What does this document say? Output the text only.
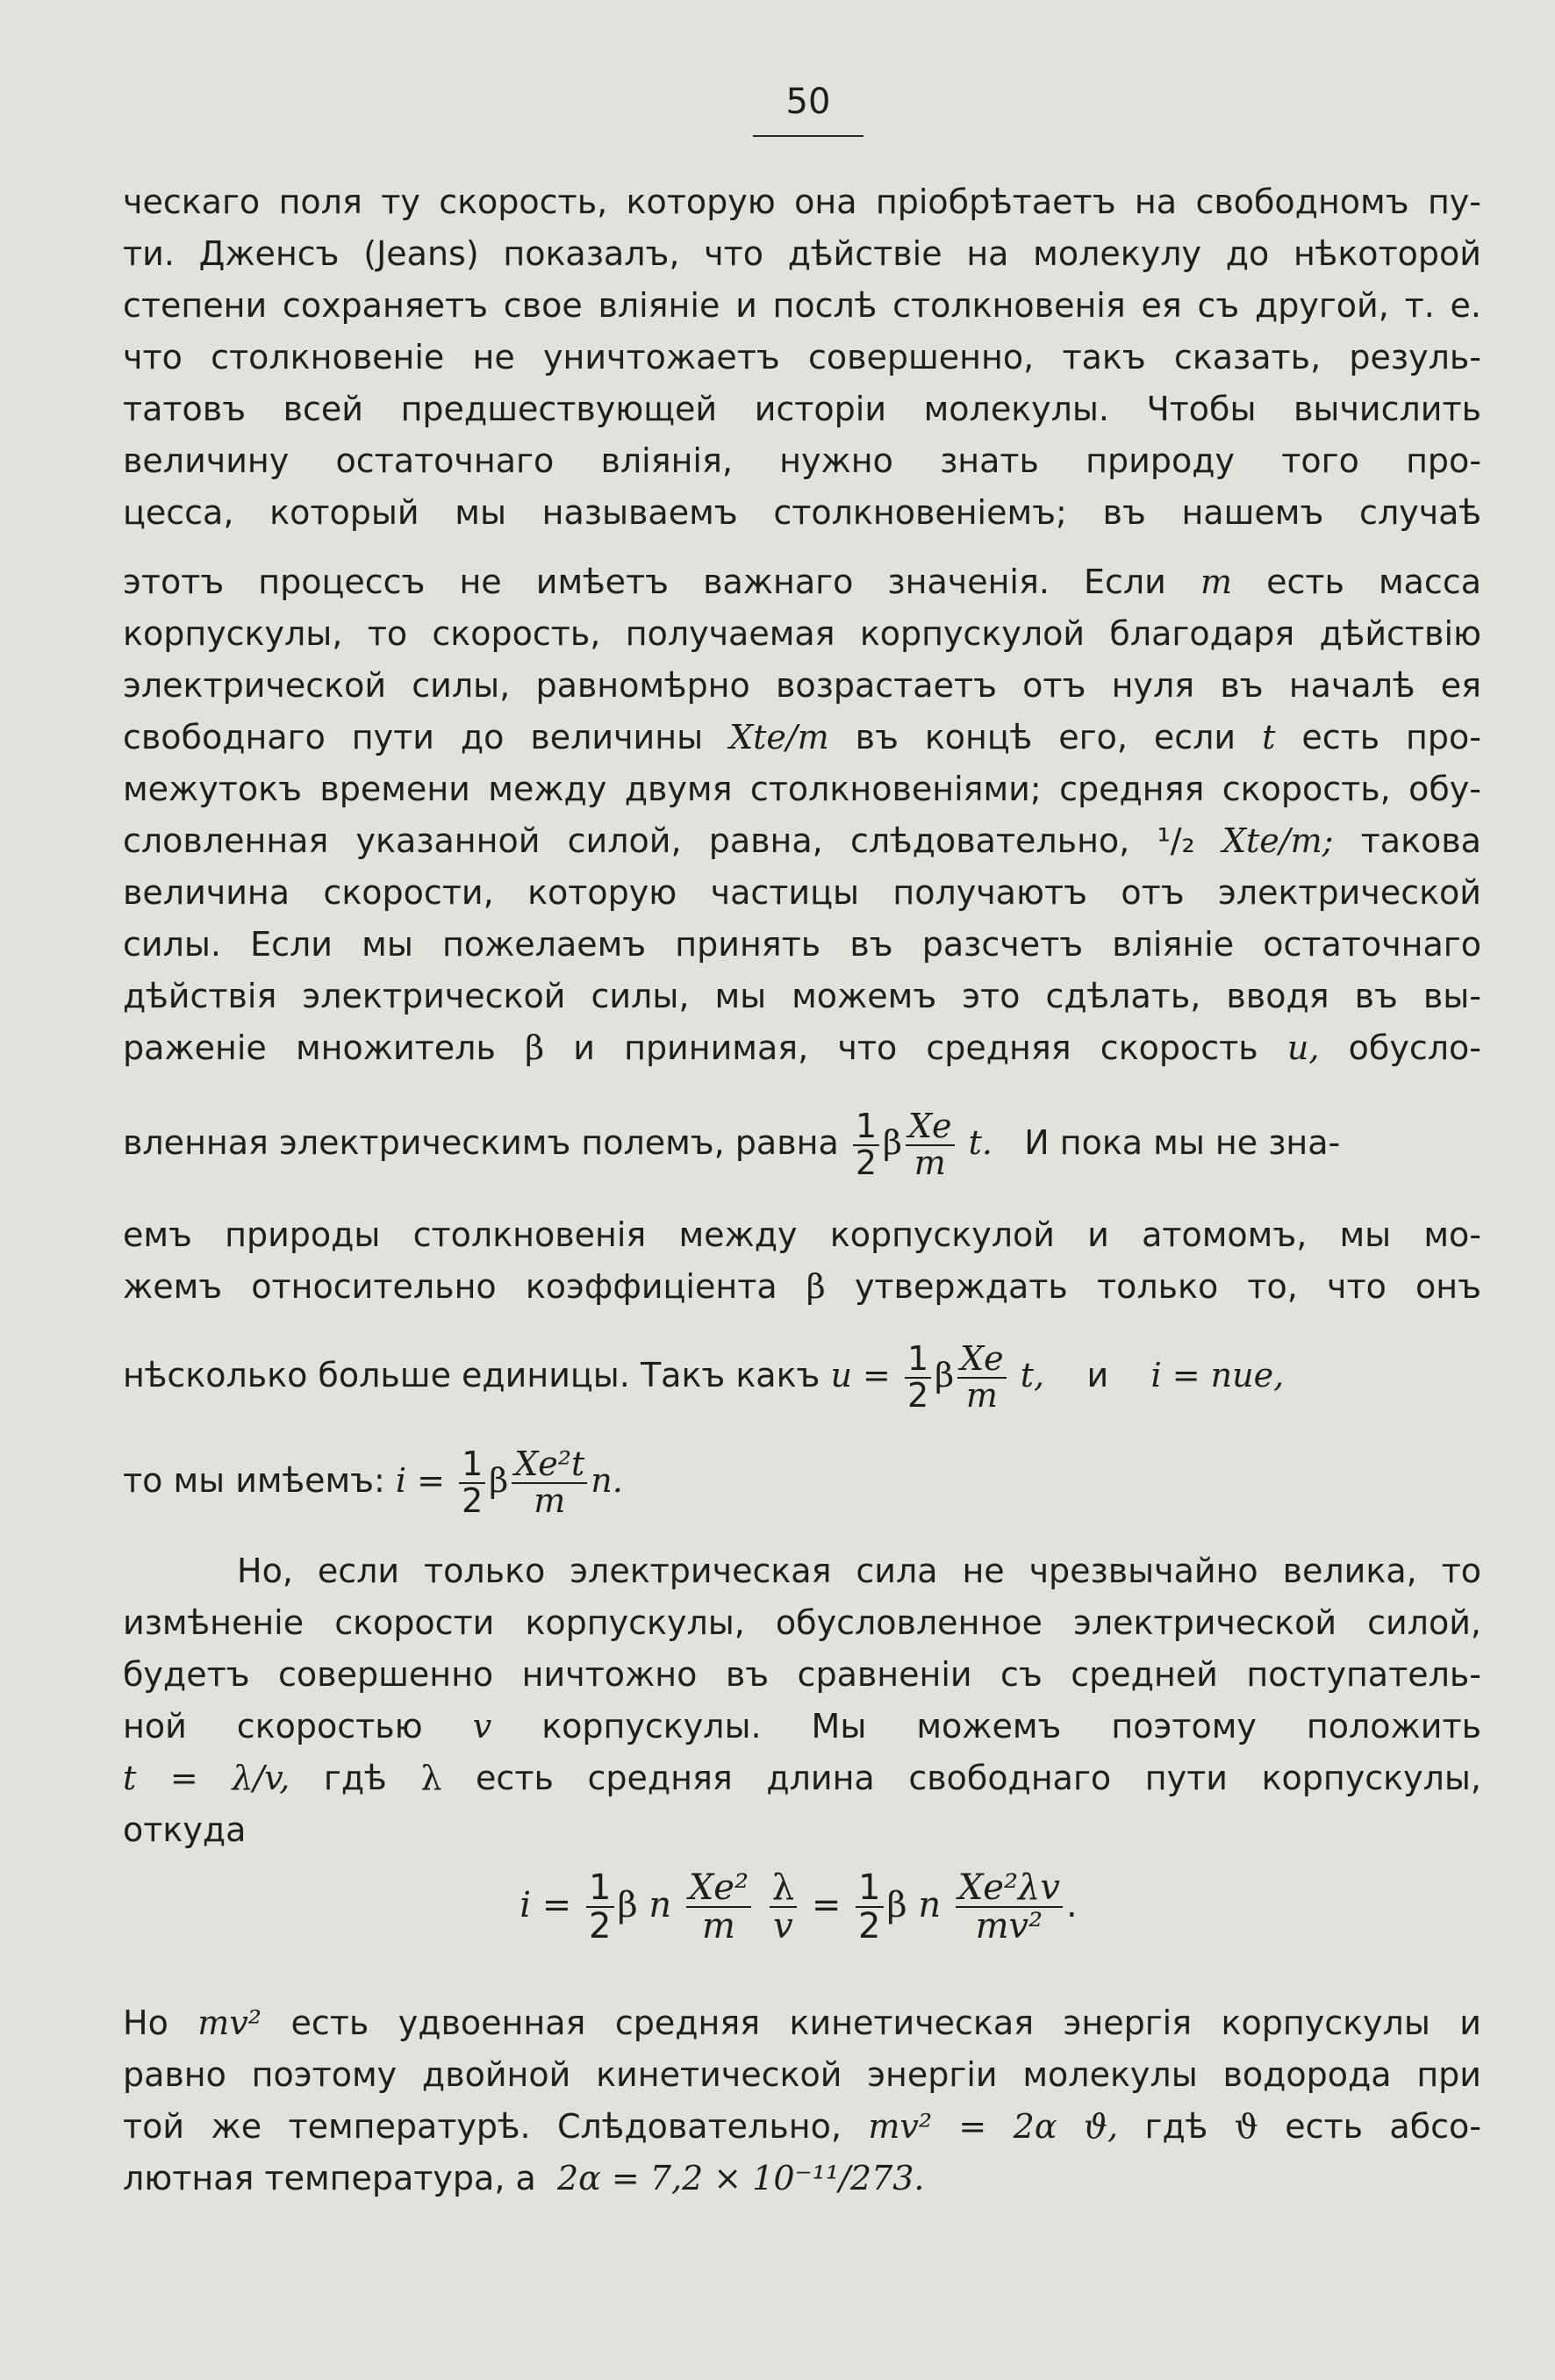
50
ческаго поля ту скорость, которую она пріобрѣтаетъ на свободномъ пу-
ти. Дженсъ (Jeans) показалъ, что дѣйствіе на молекулу до нѣкоторой
степени сохраняетъ свое вліяніе и послѣ столкновенія ея съ другой, т. е.
что столкновеніе не уничтожаетъ совершенно, такъ сказать, резуль-
татовъ всей предшествующей исторіи молекулы. Чтобы вычислить
величину остаточнаго вліянія, нужно знать природу того про-
цесса, который мы называемъ столкновеніемъ; въ нашемъ случаѣ
этотъ процессъ не имѣетъ важнаго значенія. Если m есть масса
корпускулы, то скорость, получаемая корпускулой благодаря дѣйствію
электрической силы, равномѣрно возрастаетъ отъ нуля въ началѣ ея
свободнаго пути до величины Xte/m въ концѣ его, если t есть про-
межутокъ времени между двумя столкновеніями; средняя скорость, обу-
словленная указанной силой, равна, слѣдовательно, ¹/₂ Xte/m; такова
величина скорости, которую частицы получаютъ отъ электрической
силы. Если мы пожелаемъ принять въ разсчетъ вліяніе остаточнаго
дѣйствія электрической силы, мы можемъ это сдѣлать, вводя въ вы-
раженіе множитель β и принимая, что средняя скорость u, обусло-
вленная электрическимъ полемъ, равна $\frac{1}{2}$ β $\frac{Xe}{m} t$. И пока мы не зна-
емъ природы столкновенія между корпускулой и атомомъ, мы мо-
жемъ относительно коэффиціента β утверждать только то, что онъ
нѣсколько больше единицы. Такъ какъ $u = \frac{1}{2}$ β $\frac{Xe}{m} t$, и i = nue,
то мы имѣемъ: $i = \frac{1}{2}$ β $\frac{\text{Xe²t}}{m} n$.
Но, если только электрическая сила не чрезвычайно велика, то
измѣненіе скорости корпускулы, обусловленное электрической силой,
будетъ совершенно ничтожно въ сравненіи съ средней поступатель-
ной скоростью v корпускулы. Мы можемъ поэтому положить
t = λ/v, гдѣ λ есть средняя длина свободнаго пути корпускулы,
откуда
$i = \frac{1}{2}$ β n $\frac{\text{Xe²}}{m}$
$\frac{\lambda}{v} = \frac{1}{2}$ β n $\frac{\text{Xe²λv}}{\text{mv²}}$ .
Но mv² есть удвоенная средняя кинетическая энергія корпускулы и
равно поэтому двойной кинетической энергіи молекулы водорода при
той же температурѣ. Слѣдовательно, mv² = 2α ϑ, гдѣ ϑ есть абсо-
лютная температура, а 2α = 7,2 × 10⁻¹¹/273.
